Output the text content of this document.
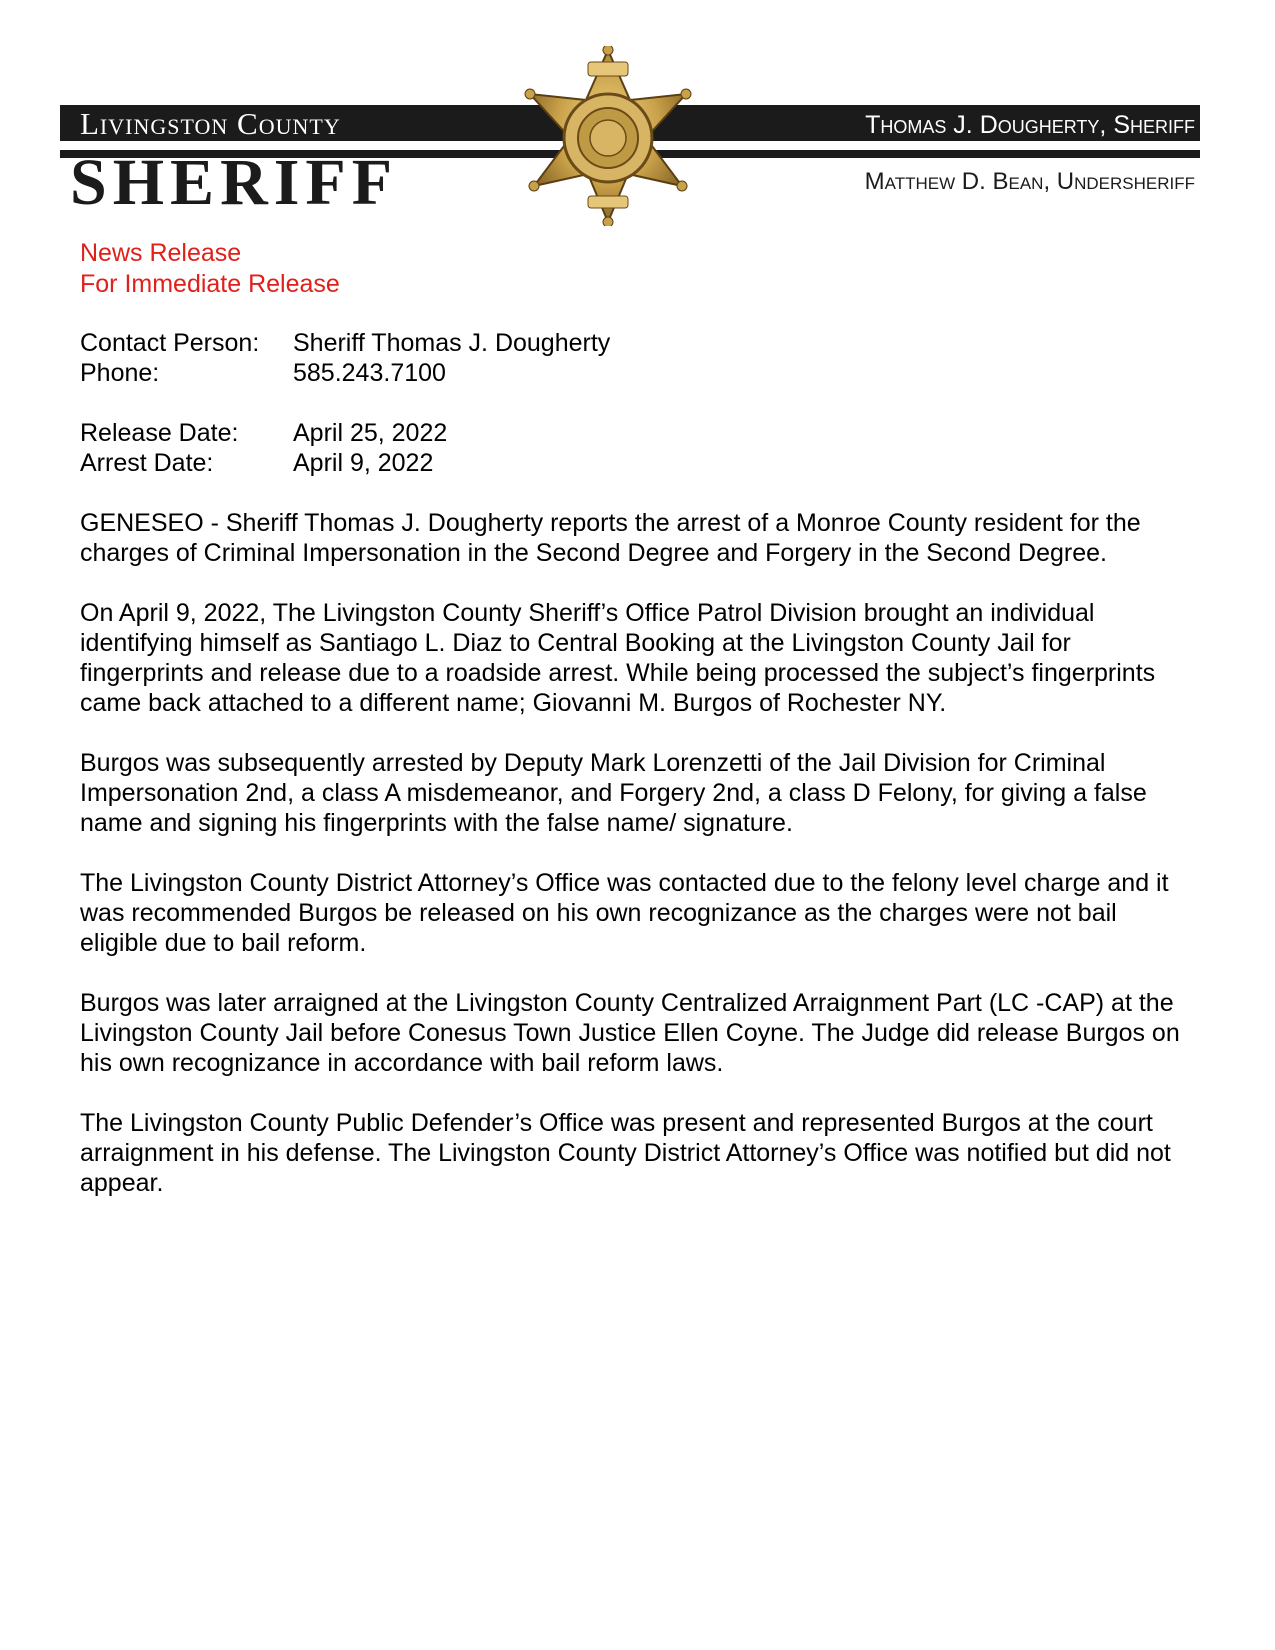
Livingston County	Thomas J. Dougherty, Sheriff
SHERIFF	Matthew D. Bean, Undersheriff
News Release
For Immediate Release
Contact Person:	Sheriff Thomas J. Dougherty
Phone:	585.243.7100
Release Date:	April 25, 2022
Arrest Date:	April 9, 2022

GENESEO - Sheriff Thomas J. Dougherty reports the arrest of a Monroe County resident for the charges of Criminal Impersonation in the Second Degree and Forgery in the Second Degree.

On April 9, 2022, The Livingston County Sheriff’s Office Patrol Division brought an individual identifying himself as Santiago L. Diaz to Central Booking at the Livingston County Jail for fingerprints and release due to a roadside arrest. While being processed the subject’s fingerprints came back attached to a different name; Giovanni M. Burgos of Rochester NY.

Burgos was subsequently arrested by Deputy Mark Lorenzetti of the Jail Division for Criminal Impersonation 2nd, a class A misdemeanor, and Forgery 2nd, a class D Felony, for giving a false name and signing his fingerprints with the false name/ signature.

The Livingston County District Attorney’s Office was contacted due to the felony level charge and it was recommended Burgos be released on his own recognizance as the charges were not bail eligible due to bail reform.

Burgos was later arraigned at the Livingston County Centralized Arraignment Part (LC -CAP) at the Livingston County Jail before Conesus Town Justice Ellen Coyne. The Judge did release Burgos on his own recognizance in accordance with bail reform laws.

The Livingston County Public Defender’s Office was present and represented Burgos at the court arraignment in his defense. The Livingston County District Attorney’s Office was notified but did not appear.
